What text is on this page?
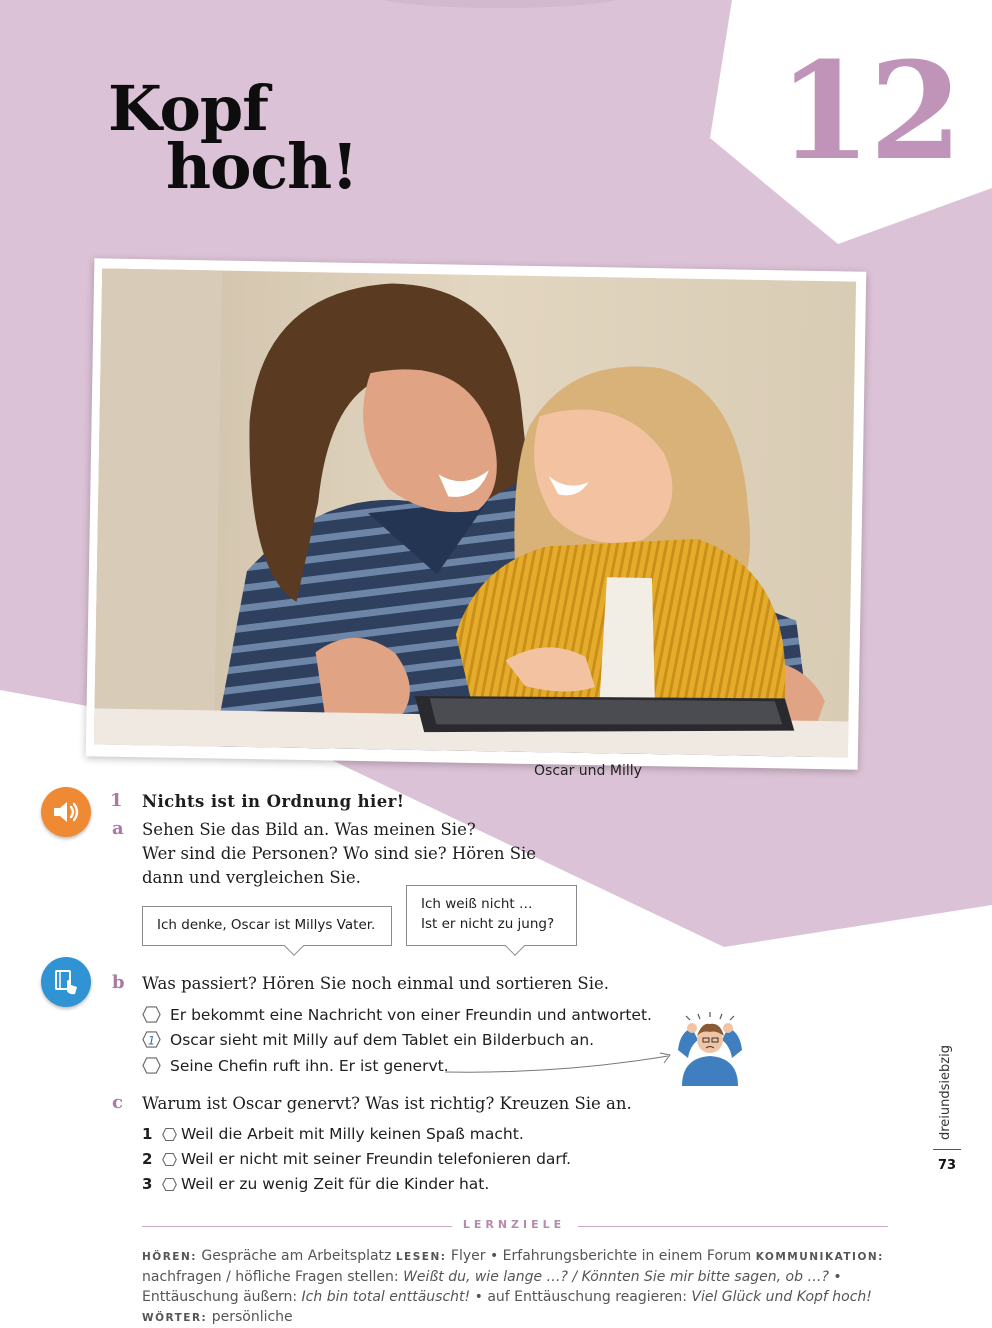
Kopf
hoch!	12
Oscar und Milly
1 Nichts ist in Ordnung hier!
a Sehen Sie das Bild an. Was meinen Sie?
Wer sind die Personen? Wo sind sie? Hören Sie
dann und vergleichen Sie.
Ich denke, Oscar ist Millys Vater.
Ich weiß nicht …
Ist er nicht zu jung?
b Was passiert? Hören Sie noch einmal und sortieren Sie.
Er bekommt eine Nachricht von einer Freundin und antwortet.
1 Oscar sieht mit Milly auf dem Tablet ein Bilderbuch an.
Seine Chefin ruft ihn. Er ist genervt.
c Warum ist Oscar genervt? Was ist richtig? Kreuzen Sie an.
1	Weil die Arbeit mit Milly keinen Spaß macht.
2	Weil er nicht mit seiner Freundin telefonieren darf.
3	Weil er zu wenig Zeit für die Kinder hat.
dreiundsiebzig
73
LERNZIELE
HÖREN: Gespräche am Arbeitsplatz LESEN: Flyer • Erfahrungsberichte in einem Forum KOMMUNIKATION: nachfragen / höfliche Fragen stellen: Weißt du, wie lange …? / Könnten Sie mir bitte sagen, ob …? • Enttäuschung äußern: Ich bin total enttäuscht! • auf Enttäuschung reagieren: Viel Glück und Kopf hoch! WÖRTER: persönliche
